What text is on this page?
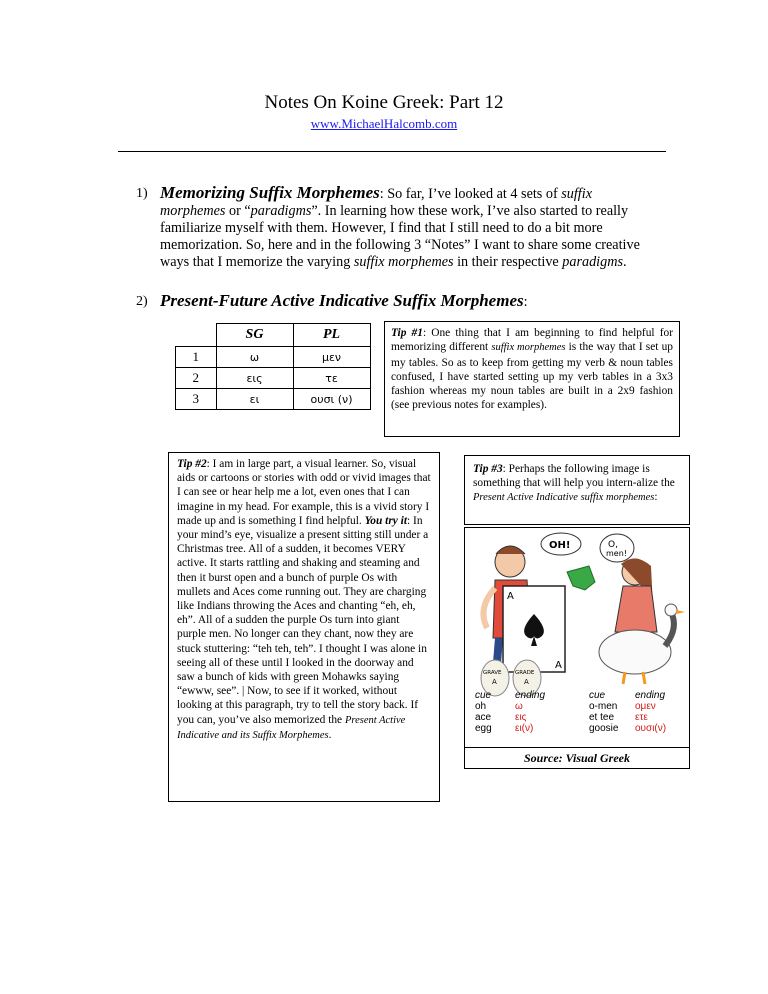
Notes On Koine Greek: Part 12
www.MichaelHalcomb.com
1) Memorizing Suffix Morphemes: So far, I’ve looked at 4 sets of suffix morphemes or “paradigms”. In learning how these work, I’ve also started to really familiarize myself with them. However, I find that I still need to do a bit more memorization. So, here and in the following 3 “Notes” I want to share some creative ways that I memorize the varying suffix morphemes in their respective paradigms.
2) Present-Future Active Indicative Suffix Morphemes:
	SG	PL
1	ω	μεν
2	εις	τε
3	ει	ουσι (ν)
Tip #1: One thing that I am beginning to find helpful for memorizing different suffix morphemes is the way that I set up my tables. So as to keep from getting my verb & noun tables confused, I have started setting up my verb tables in a 3x3 fashion whereas my noun tables are built in a 2x9 fashion (see previous notes for examples).
Tip #2: I am in large part, a visual learner. So, visual aids or cartoons or stories with odd or vivid images that I can see or hear help me a lot, even ones that I can imagine in my head. For example, this is a vivid story I made up and is something I find helpful. You try it: In your mind’s eye, visualize a present sitting still under a Christmas tree. All of a sudden, it becomes VERY active. It starts rattling and shaking and steaming and then it burst open and a bunch of purple Os with mullets and Aces come running out. They are charging like Indians throwing the Aces and chanting “eh, eh, eh”. All of a sudden the purple Os turn into giant purple men. No longer can they chant, now they are stuck stuttering: “teh teh, teh”. I thought I was alone in seeing all of these until I looked in the doorway and saw a bunch of kids with green Mohawks saying “ewww, see”. | Now, to see if it worked, without looking at this paragraph, try to tell the story back. If you can, you’ve also memorized the Present Active Indicative and its Suffix Morphemes.
Tip #3: Perhaps the following image is something that will help you intern-alize the Present Active Indicative suffix morphemes:
A
A
OH!	O,
men!
GRAVE
A
GRADE
A
cue	ending
oh	ω
ace	εις
egg	ει(ν)
cue	ending
o-men	ομεν
et tee	ετε
goosie	ουσι(ν)
Source: Visual Greek
